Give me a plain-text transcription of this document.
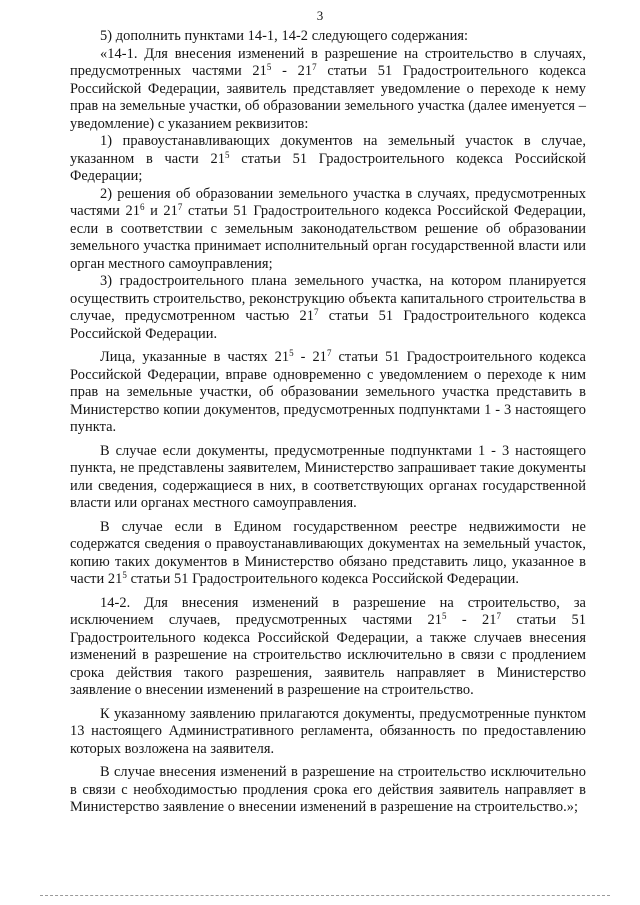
3

5) дополнить пунктами 14-1, 14-2 следующего содержания:

«14-1. Для внесения изменений в разрешение на строительство в случаях, предусмотренных частями $21^5 - 21^7$ статьи 51 Градостроительного кодекса Российской Федерации, заявитель представляет уведомление о переходе к нему прав на земельные участки, об образовании земельного участка (далее именуется – уведомление) с указанием реквизитов:

1) правоустанавливающих документов на земельный участок в случае, указанном в части $21^5$ статьи 51 Градостроительного кодекса Российской Федерации;

2) решения об образовании земельного участка в случаях, предусмотренных частями $21^6$ и $21^7$ статьи 51 Градостроительного кодекса Российской Федерации, если в соответствии с земельным законодательством решение об образовании земельного участка принимает исполнительный орган государственной власти или орган местного самоуправления;

3) градостроительного плана земельного участка, на котором планируется осуществить строительство, реконструкцию объекта капитального строительства в случае, предусмотренном частью $21^7$ статьи 51 Градостроительного кодекса Российской Федерации.

Лица, указанные в частях $21^5 - 21^7$ статьи 51 Градостроительного кодекса Российской Федерации, вправе одновременно с уведомлением о переходе к ним прав на земельные участки, об образовании земельного участка представить в Министерство копии документов, предусмотренных подпунктами 1 - 3 настоящего пункта.

В случае если документы, предусмотренные подпунктами 1 - 3 настоящего пункта, не представлены заявителем, Министерство запрашивает такие документы или сведения, содержащиеся в них, в соответствующих органах государственной власти или органах местного самоуправления.

В случае если в Едином государственном реестре недвижимости не содержатся сведения о правоустанавливающих документах на земельный участок, копию таких документов в Министерство обязано представить лицо, указанное в части $21^5$ статьи 51 Градостроительного кодекса Российской Федерации.

14-2. Для внесения изменений в разрешение на строительство, за исключением случаев, предусмотренных частями $21^5 - 21^7$ статьи 51 Градостроительного кодекса Российской Федерации, а также случаев внесения изменений в разрешение на строительство исключительно в связи с продлением срока действия такого разрешения, заявитель направляет в Министерство заявление о внесении изменений в разрешение на строительство.

К указанному заявлению прилагаются документы, предусмотренные пунктом 13 настоящего Административного регламента, обязанность по предоставлению которых возложена на заявителя.

В случае внесения изменений в разрешение на строительство исключительно в связи с необходимостью продления срока его действия заявитель направляет в Министерство заявление о внесении изменений в разрешение на строительство.»;
